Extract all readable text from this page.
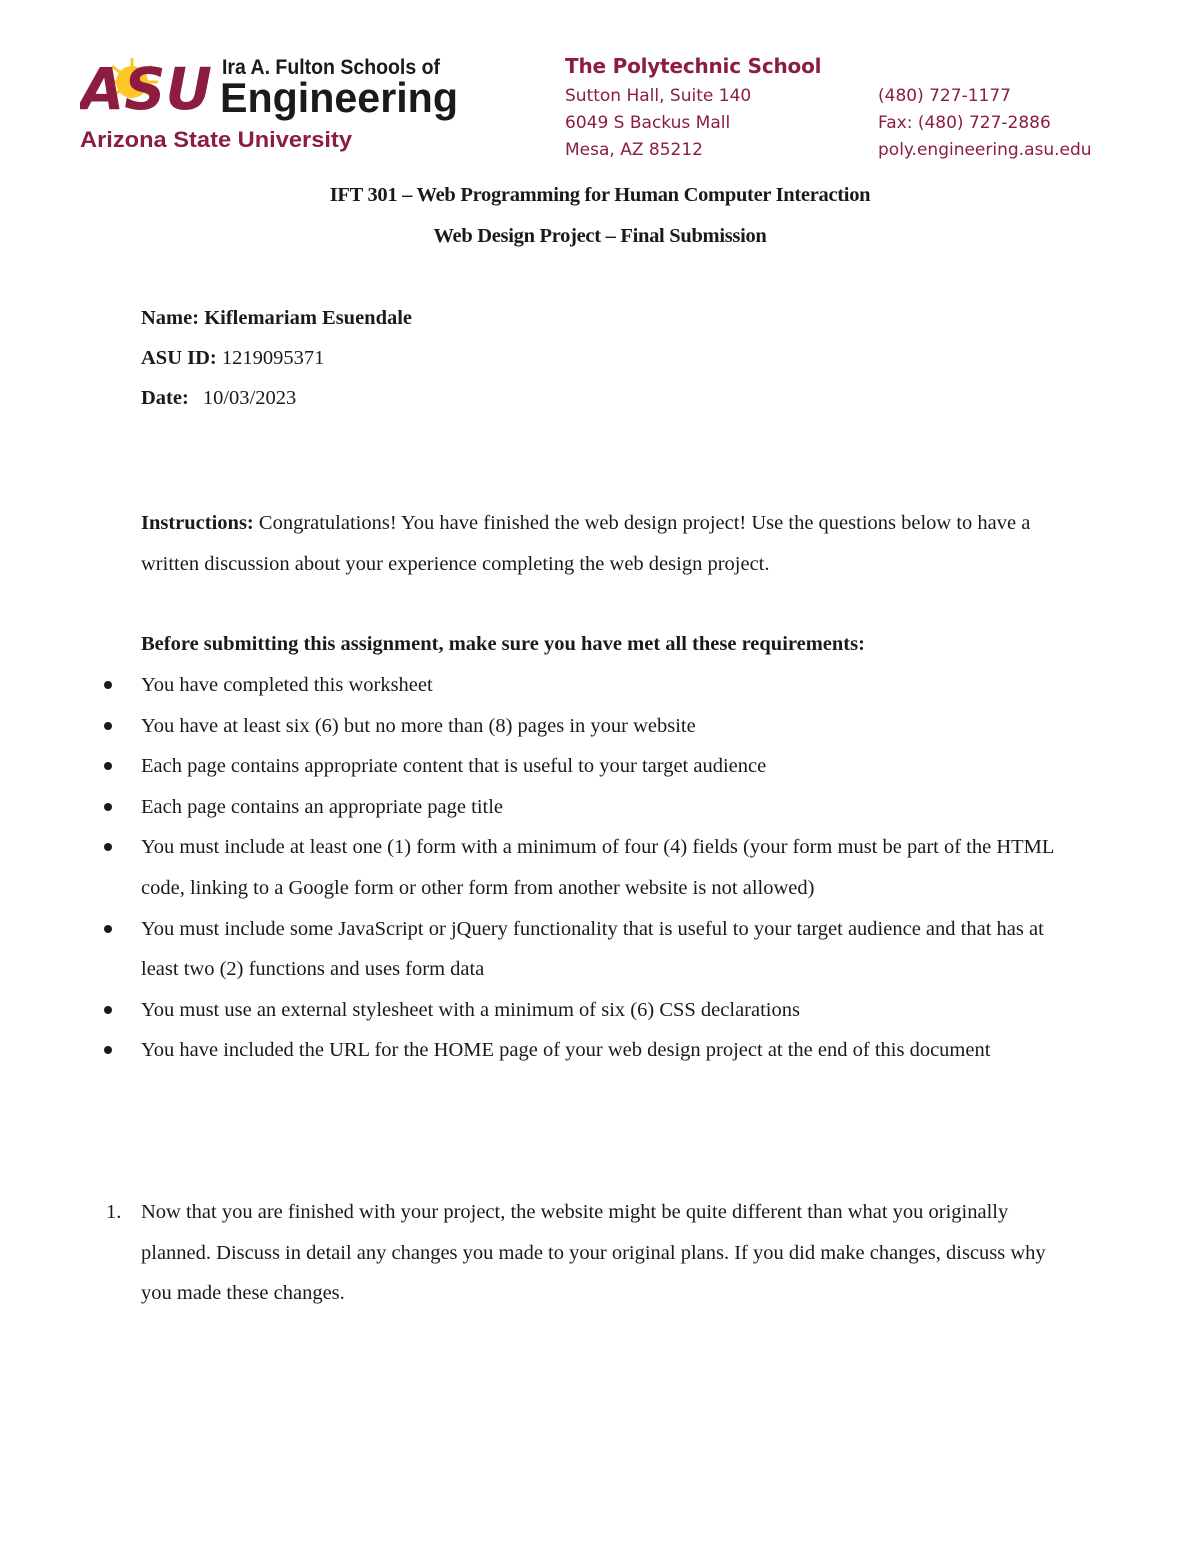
ASU Ira A. Fulton Schools of
Engineering
Arizona State University
The Polytechnic School
Sutton Hall, Suite 140
6049 S Backus Mall
Mesa, AZ 85212
(480) 727-1177
Fax: (480) 727-2886
poly.engineering.asu.edu
IFT 301 – Web Programming for Human Computer Interaction
Web Design Project – Final Submission
Name: Kiflemariam Esuendale
ASU ID: 1219095371
Date: 10/03/2023
Instructions: Congratulations! You have finished the web design project! Use the questions below to have a written discussion about your experience completing the web design project.
Before submitting this assignment, make sure you have met all these requirements:
You have completed this worksheet
You have at least six (6) but no more than (8) pages in your website
Each page contains appropriate content that is useful to your target audience
Each page contains an appropriate page title
You must include at least one (1) form with a minimum of four (4) fields (your form must be part of the HTML code, linking to a Google form or other form from another website is not allowed)
You must include some JavaScript or jQuery functionality that is useful to your target audience and that has at least two (2) functions and uses form data
You must use an external stylesheet with a minimum of six (6) CSS declarations
You have included the URL for the HOME page of your web design project at the end of this document
1. Now that you are finished with your project, the website might be quite different than what you originally planned. Discuss in detail any changes you made to your original plans. If you did make changes, discuss why you made these changes.
